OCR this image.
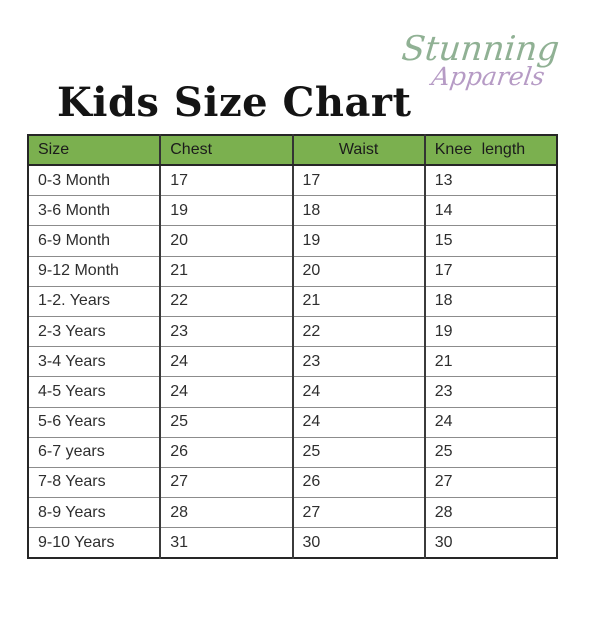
Kids Size Chart
Stunning
Apparels
Size	Chest	Waist	Knee length
0-3 Month	17	17	13
3-6 Month	19	18	14
6-9 Month	20	19	15
9-12 Month	21	20	17
1-2. Years	22	21	18
2-3 Years	23	22	19
3-4 Years	24	23	21
4-5 Years	24	24	23
5-6 Years	25	24	24
6-7 years	26	25	25
7-8 Years	27	26	27
8-9 Years	28	27	28
9-10 Years	31	30	30
